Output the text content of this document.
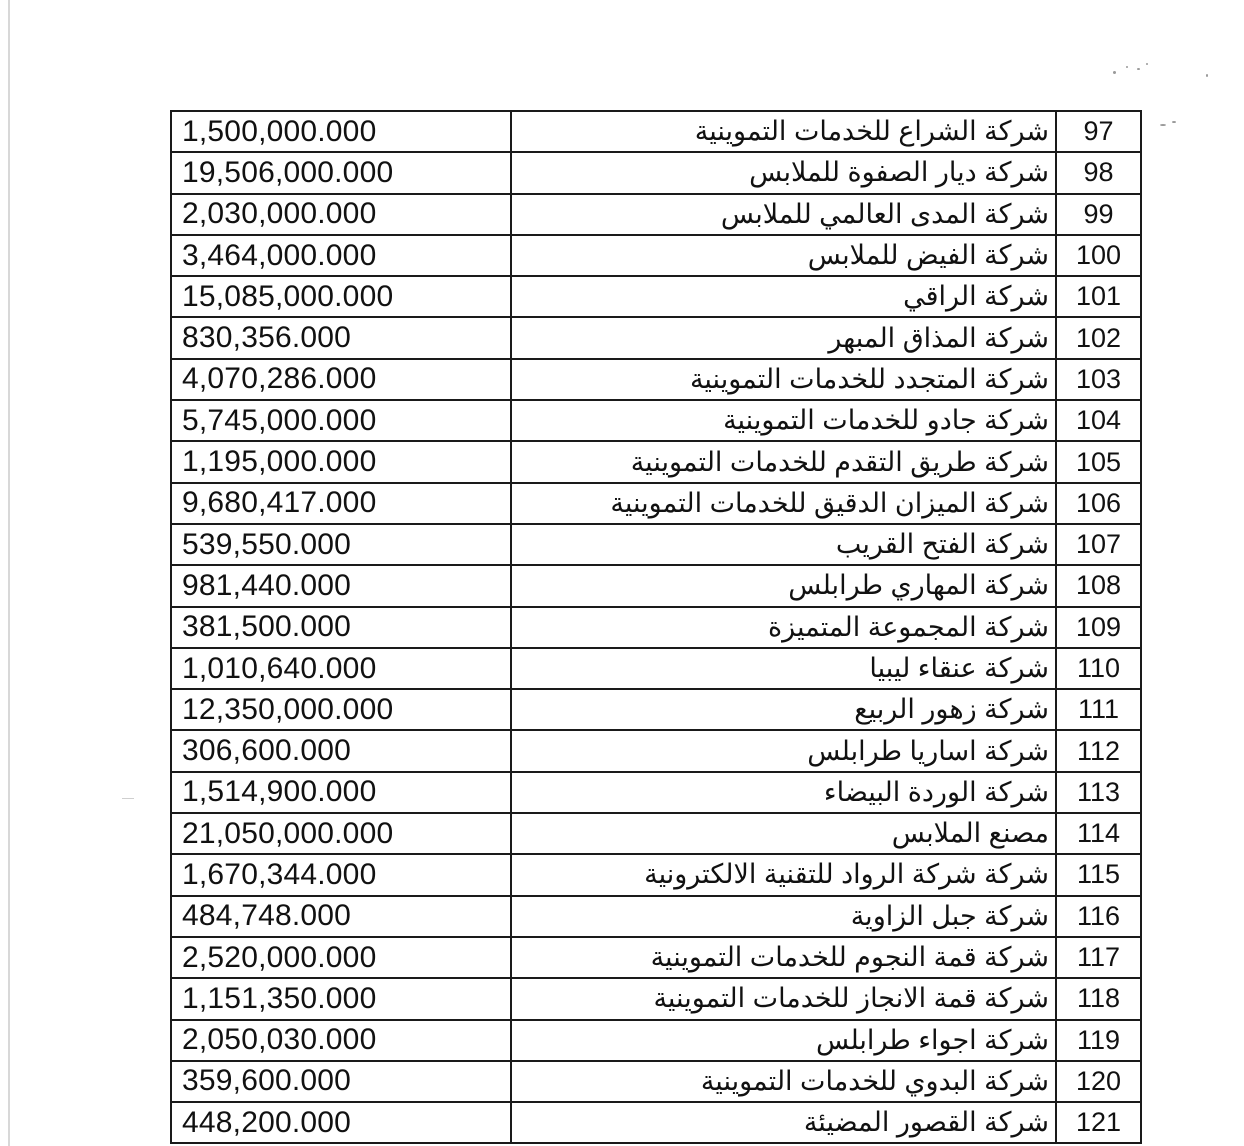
1,500,000.000	شركة الشراع للخدمات التموينية	97
19,506,000.000	شركة ديار الصفوة للملابس	98
2,030,000.000	شركة المدى العالمي للملابس	99
3,464,000.000	شركة الفيض للملابس	100
15,085,000.000	شركة الراقي	101
830,356.000	شركة المذاق المبهر	102
4,070,286.000	شركة المتجدد للخدمات التموينية	103
5,745,000.000	شركة جادو للخدمات التموينية	104
1,195,000.000	شركة طريق التقدم للخدمات التموينية	105
9,680,417.000	شركة الميزان الدقيق للخدمات التموينية	106
539,550.000	شركة الفتح القريب	107
981,440.000	شركة المهاري طرابلس	108
381,500.000	شركة المجموعة المتميزة	109
1,010,640.000	شركة عنقاء ليبيا	110
12,350,000.000	شركة زهور الربيع	111
306,600.000	شركة اساريا طرابلس	112
1,514,900.000	شركة الوردة البيضاء	113
21,050,000.000	مصنع الملابس	114
1,670,344.000	شركة شركة الرواد للتقنية الالكترونية	115
484,748.000	شركة جبل الزاوية	116
2,520,000.000	شركة قمة النجوم للخدمات التموينية	117
1,151,350.000	شركة قمة الانجاز للخدمات التموينية	118
2,050,030.000	شركة اجواء طرابلس	119
359,600.000	شركة البدوي للخدمات التموينية	120
448,200.000	شركة القصور المضيئة	121
